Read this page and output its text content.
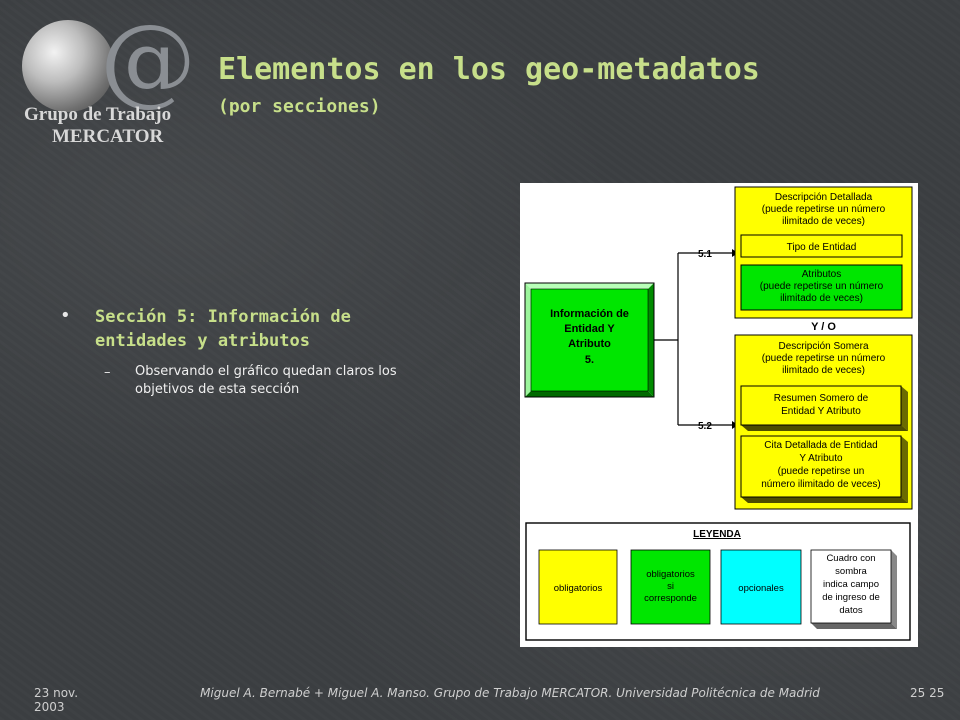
@
Grupo de Trabajo
MERCATOR
Elementos en los geo-metadatos
(por secciones)
• Sección 5: Información de entidades y atributos
– Observando el gráfico quedan claros los objetivos de esta sección
Información de
Entidad Y
Atributo
5.
5.1
5.2
Descripción Detallada
(puede repetirse un número
ilimitado de veces)
Tipo de Entidad
Atributos
(puede repetirse un número
ilimitado de veces)
Y / O
Descripción Somera
(puede repetirse un número
ilimitado de veces)
Resumen Somero de
Entidad Y Atributo
Cita Detallada de Entidad
Y Atributo
(puede repetirse un
número ilimitado de veces)
LEYENDA
obligatorios
obligatorios
si
corresponde
opcionales
Cuadro con
sombra
indica campo
de ingreso de
datos
23 nov. 2003
Miguel A. Bernabé + Miguel A. Manso. Grupo de Trabajo MERCATOR. Universidad Politécnica de Madrid	25 25
